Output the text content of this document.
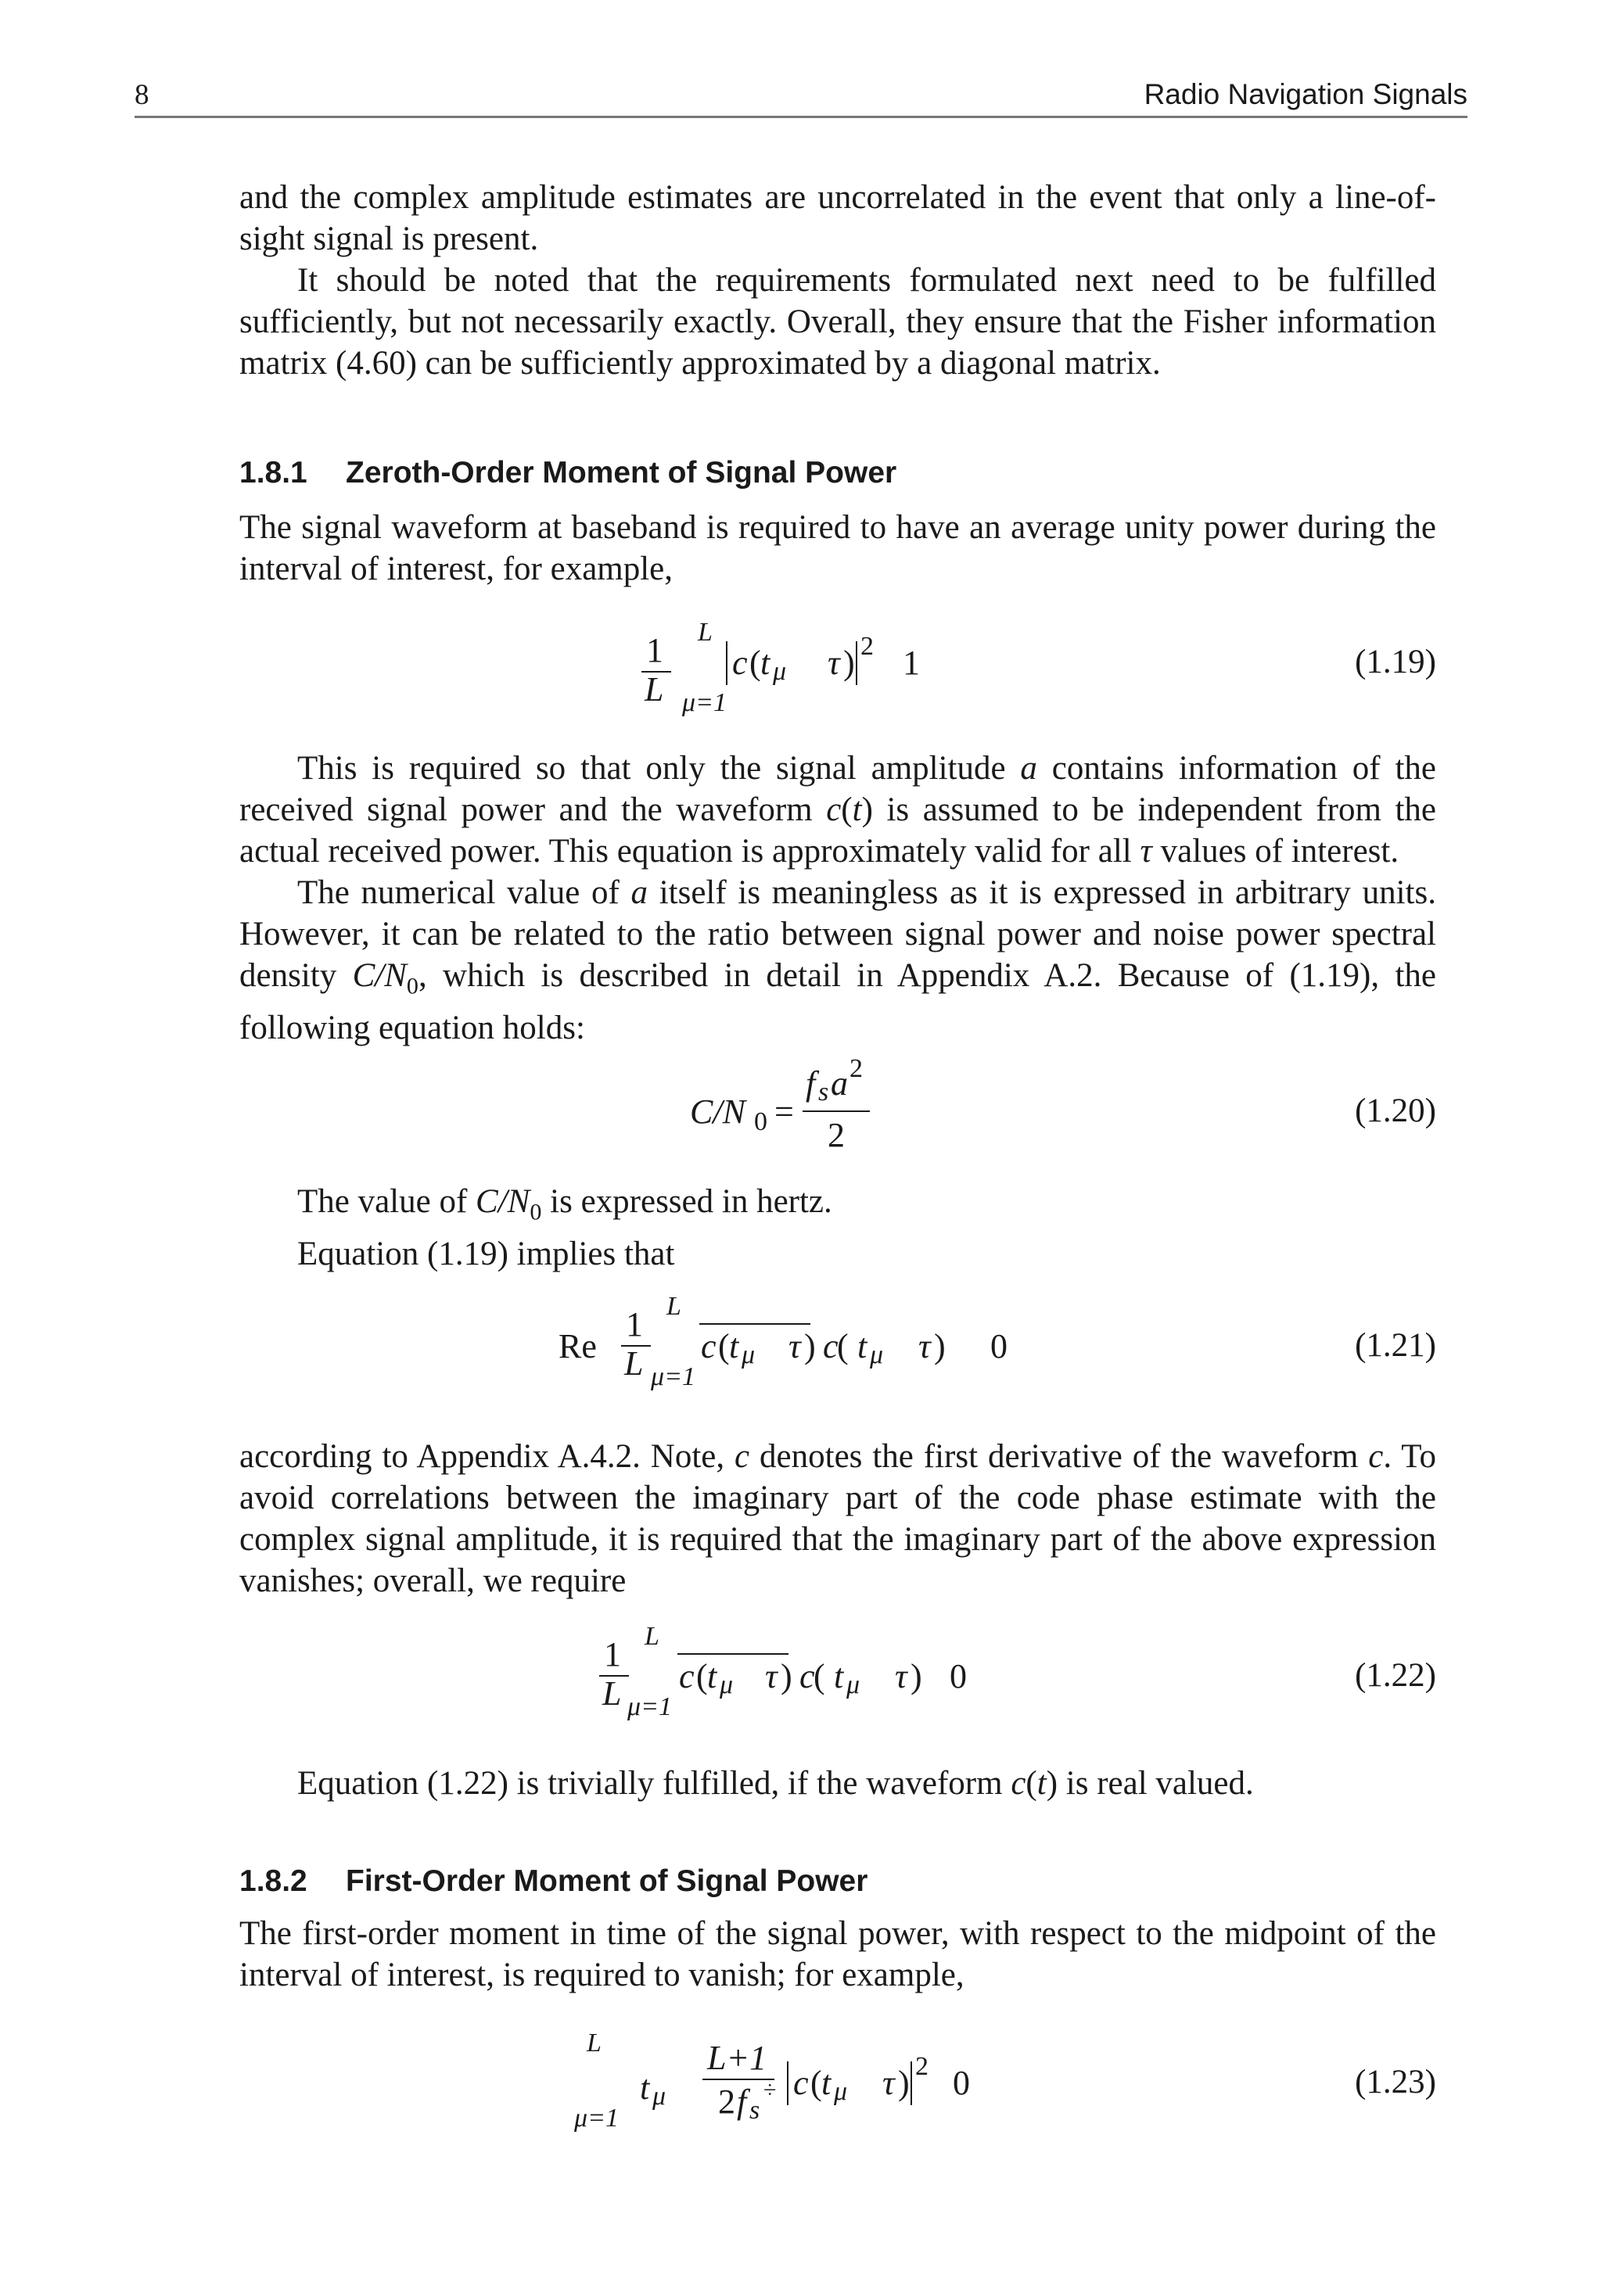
8	Radio Navigation Signals

and the complex amplitude estimates are uncorrelated in the event that only a line-of-sight signal is present.

It should be noted that the requirements formulated next need to be fulfilled sufficiently, but not necessarily exactly. Overall, they ensure that the Fisher information matrix (4.60) can be sufficiently approximated by a diagonal matrix.

1.8.1 Zeroth-Order Moment of Signal Power

The signal waveform at baseband is required to have an average unity power during the interval of interest, for example,

1
L
L
μ=1
c ( t μ τ ) 2 1	(1.19)

This is required so that only the signal amplitude a contains information of the received signal power and the waveform c(t) is assumed to be independent from the actual received power. This equation is approximately valid for all τ values of interest.

The numerical value of a itself is meaningless as it is expressed in arbitrary units. However, it can be related to the ratio between signal power and noise power spectral density $C/N_0$, which is described in detail in Appendix A.2. Because of (1.19), the following equation holds:

C/N 0 =
f s a 2
2
(1.20)

The value of $C/N_0$ is expressed in hertz.

Equation (1.19) implies that

Re
1
L
L
μ=1
c ( t μ τ ) c
( t μ τ ) 0	(1.21)

according to Appendix A.4.2. Note, c denotes the first derivative of the waveform c. To avoid correlations between the imaginary part of the code phase estimate with the complex signal amplitude, it is required that the imaginary part of the above expression vanishes; overall, we require

1
L
L
μ=1
c ( t μ τ ) c
( t μ τ ) 0	(1.22)

Equation (1.22) is trivially fulfilled, if the waveform c(t) is real valued.

1.8.2 First-Order Moment of Signal Power

The first-order moment in time of the signal power, with respect to the midpoint of the interval of interest, is required to vanish; for example,

L
μ=1
t μ
L+1
2 f s
÷ c ( t μ τ ) 2 0	(1.23)
